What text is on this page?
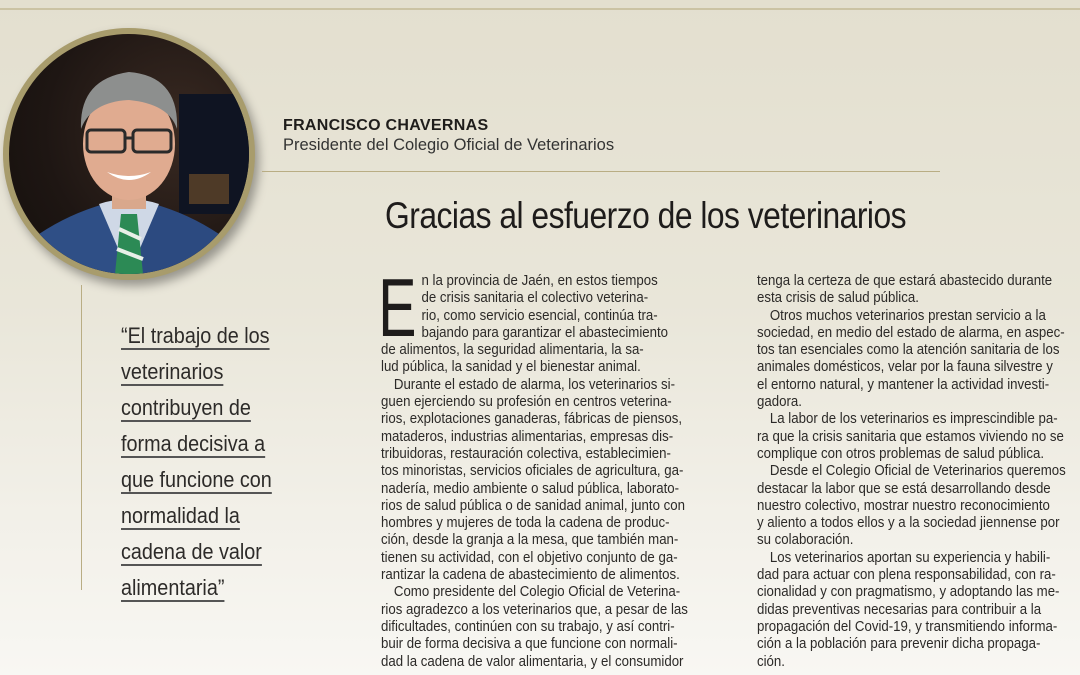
FRANCISCO CHAVERNAS
Presidente del Colegio Oficial de Veterinarios
Gracias al esfuerzo de los veterinarios
“El trabajo de los
veterinarios
contribuyen de
forma decisiva a
que funcione con
normalidad la
cadena de valor
alimentaria”
E n la provincia de Jaén, en estos tiempos
de crisis sanitaria el colectivo veterina-
rio, como servicio esencial, continúa tra-
bajando para garantizar el abastecimiento
de alimentos, la seguridad alimentaria, la sa-
lud pública, la sanidad y el bienestar animal.
Durante el estado de alarma, los veterinarios si-
guen ejerciendo su profesión en centros veterina-
rios, explotaciones ganaderas, fábricas de piensos,
mataderos, industrias alimentarias, empresas dis-
tribuidoras, restauración colectiva, establecimien-
tos minoristas, servicios oficiales de agricultura, ga-
nadería, medio ambiente o salud pública, laborato-
rios de salud pública o de sanidad animal, junto con
hombres y mujeres de toda la cadena de produc-
ción, desde la granja a la mesa, que también man-
tienen su actividad, con el objetivo conjunto de ga-
rantizar la cadena de abastecimiento de alimentos.
Como presidente del Colegio Oficial de Veterina-
rios agradezco a los veterinarios que, a pesar de las
dificultades, continúen con su trabajo, y así contri-
buir de forma decisiva a que funcione con normali-
dad la cadena de valor alimentaria, y el consumidor
tenga la certeza de que estará abastecido durante
esta crisis de salud pública.
Otros muchos veterinarios prestan servicio a la
sociedad, en medio del estado de alarma, en aspec-
tos tan esenciales como la atención sanitaria de los
animales domésticos, velar por la fauna silvestre y
el entorno natural, y mantener la actividad investi-
gadora.
La labor de los veterinarios es imprescindible pa-
ra que la crisis sanitaria que estamos viviendo no se
complique con otros problemas de salud pública.
Desde el Colegio Oficial de Veterinarios queremos
destacar la labor que se está desarrollando desde
nuestro colectivo, mostrar nuestro reconocimiento
y aliento a todos ellos y a la sociedad jiennense por
su colaboración.
Los veterinarios aportan su experiencia y habili-
dad para actuar con plena responsabilidad, con ra-
cionalidad y con pragmatismo, y adoptando las me-
didas preventivas necesarias para contribuir a la
propagación del Covid-19, y transmitiendo informa-
ción a la población para prevenir dicha propaga-
ción.
